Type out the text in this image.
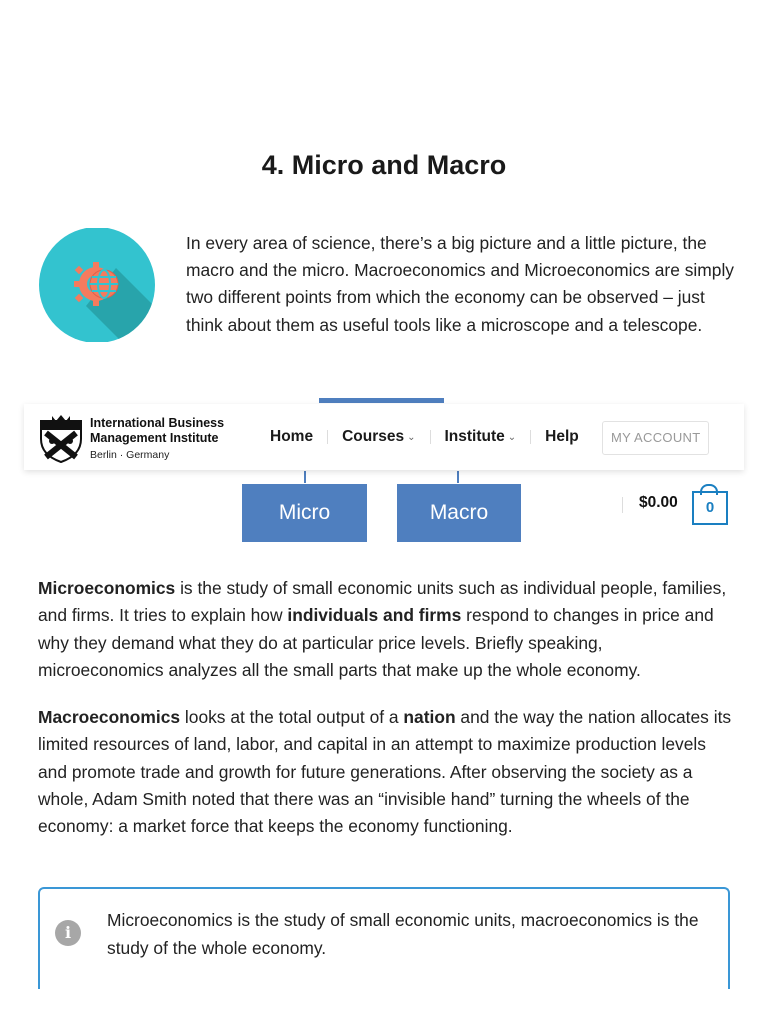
4. Micro and Macro

In every area of science, there’s a big picture and a little picture, the macro and the micro. Macroeconomics and Microeconomics are simply two different points from which the economy can be observed – just think about them as useful tools like a microscope and a telescope.

Micro	Macro
International Business
Management Institute
Berlin · Germany
Home Courses ⌄ Institute ⌄ Help	MY ACCOUNT
$0.00	0

Microeconomics is the study of small economic units such as individual people, families, and firms. It tries to explain how individuals and firms respond to changes in price and why they demand what they do at particular price levels. Briefly speaking, microeconomics analyzes all the small parts that make up the whole economy.

Macroeconomics looks at the total output of a nation and the way the nation allocates its limited resources of land, labor, and capital in an attempt to maximize production levels and promote trade and growth for future generations. After observing the society as a whole, Adam Smith noted that there was an “invisible hand” turning the wheels of the economy: a market force that keeps the economy functioning.

i

Microeconomics is the study of small economic units, macroeconomics is the study of the whole economy.
